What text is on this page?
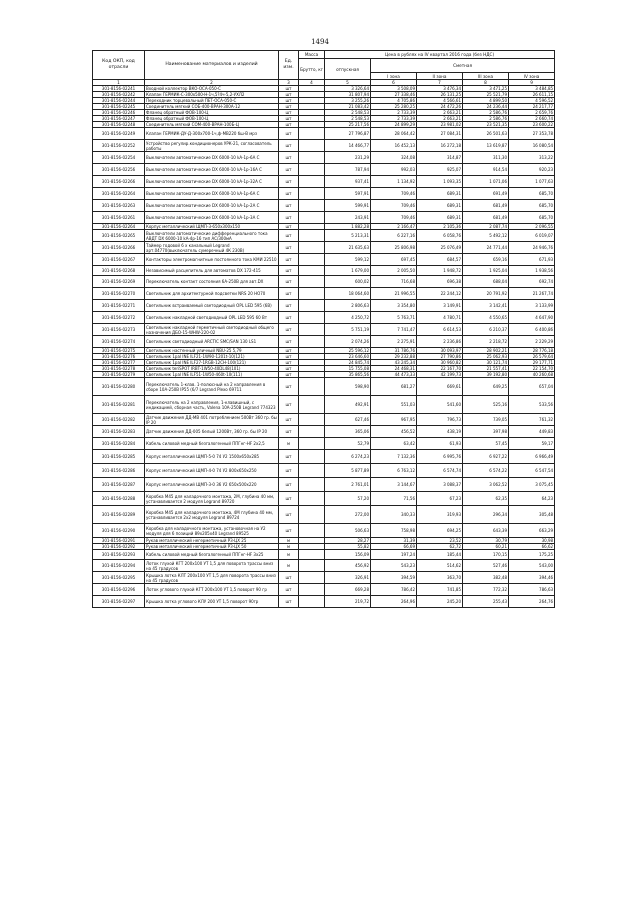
1494
Код ОКП, код отрасли	Наименование материалов и изделий	Ед. изм.	Масса	Цена в рублях на IV квартал 2016 года (без НДС)				
			Брутто, кг	отпускная	Сметная			
					I зона	II зона	III зона	IV зона
1	2	3	4	5	6	7	8	9
301-8156-02241	Входной коллектор ВКО-ОСА-050-С	шт		3 326,64	3 508,09	3 476,34	3 471,25	3 484,85
301-8156-02242	Клапан ГЕРМИК-С-300х500-Н-1ч,5?4ч-5,2-УХЛ2	шт		31 807,94	27 338,46	26 131,25	25 521,79	26 611,15
301-8156-02244	Переходник торцевальный ПЕТ-ОСА-050-С	шт		3 255,26	4 705,86	4 566,61	4 899,50	4 596,52
301-8156-02245	Соединитель мягкий СОБ-400-ВРАН-300А-12	шт		21 083,42	25 280,25	24 472,26	24 236,44	24 217,77
301-8156-02246	Фланец обратный ФОВ-100-Ц	шт		2 548,53	2 733,39	2 663,21	2 586,76	2 659,76
301-8156-02247	Фланец обратный ФОВ-100-Ц	шт		2 548,53	2 733,39	2 663,21	2 586,76	2 660,74
301-8156-02248	Соединитель мягкий СОМ-400-ВРАН-100Б-Ц	шт		25 217,56	24 899,29	23 981,02	23 521,35	23 600,22
301-8156-02249	Клапан ГЕРМИК-ДУ-Д-300х700-1ч,ф-МВ220 бш-В мрз	шт		27 796,87	28 064,42	27 084,31	26 501,63	27 353,78
301-8156-02252	Устройство регулир.кондиционеров УРК-21, согласователь работы	шт		14 466,77	16 452,13	16 272,18	13 619,87	16 080,54
301-8156-02254	Выключатели автоматические DX 6000-10 kA-1р-6А С	шт		231,29	324,08	314,87	311,30	313,22
301-8156-02256	Выключатели автоматические DX 6000-10 kA-1р-16А С	шт		787,94	992,03	925,07	914,54	920,23
301-8156-02266	Выключатели автоматические DX 6000-10 kA-1р-32А С	шт		937,41	1 134,92	1 093,35	1 071,06	1 077,63
301-8156-02264	Выключатели автоматические DX 6000-10 kA-1р-6А С	шт		597,91	709,46	689,31	691,49	685,70
301-8156-02263	Выключатели автоматические DX 6000-10 kA-1р-2А С	шт		599,91	709,46	689,31	681,49	685,70
301-8156-02261	Выключатели автоматические DX 6000-10 kA-1р-3А С	шт		243,91	709,46	689,31	681,49	685,70
301-8156-02264	Корпус металлический ЩМП-3-650х300х150	шт		1 882,28	2 166,47	2 105,36	2 087,74	2 096,55
301-8156-02265	Выключатели автоматические дифференциального тока АВДТ DX 6000-10 kA-4р-16 тип АС/300мА	шт		5 213,31	6 227,16	6 058,76	5 492,12	6 019,07
301-8156-02266	Таймер годовой 6 х канальный Legrand арт.04770(выключатель сумеречный 4К 230В)	шт		21 635,63	25 806,98	25 076,49	24 771,44	24 946,76
301-8156-02267	Контакторы электромагнитные постоянного тока КМИ 22510	шт		599,12	697,45	684,57	659,16	671,93
301-8156-02268	Независимый расцепитель для автоматов DX 172-415	шт		1 679,00	2 005,50	1 948,72	1 925,04	1 938,56
301-8156-02269	Переключатель контакт состояния 6А-250В для авт.DX	шт		600,02	716,68	696,38	688,04	692,74
301-8156-02270	Светильник для архитектурной подсветки NRS 20 НО70	шт		18 064,60	21 996,55	22 244,12	20 791,92	21 267,74
301-8156-02271	Светильник встраиваемый светодиодный OPL LED 595 (6В)	шт		2 806,63	3 354,80	3 149,91	3 142,41	3 133,99
301-8156-02272	Светильник накладной светодиодный OPL LED 595 60 Вт	шт		4 250,72	5 763,71	4 780,71	4 550,65	4 647,90
301-8156-02273	Светильник накладной герметичный светодиодный общего назначения ДБО-15-WHW-220-02	шт		5 751,19	7 741,47	6 614,53	6 210,37	6 400,86
301-8156-02274	Светильник светодиодный ARCTIC SMC/SAN 130 LS1	шт		2 074,26	2 275,91	2 236,86	2 218,72	2 229,29
301-8156-02275	Светильник настенный уличный NBU-25 5,79	шт		25 596,12	31 786,76	30 093,97	28 902,21	28 776,18
301-8156-02276	Светильник 1pal INE ILF21-1W90-1201t-10(121)	шт		23 646,60	29 232,88	27 790,86	25 062,93	26 579,64
301-8156-02277	Светильник 1pal INE ILF27-1RGB-12CH-100(121)	шт		24 845,74	43 245,34	30 960,82	30 121,74	29 177,71
301-8156-02278	Светильник teriSPOT IRBT-1W50-40DL48(101)	шт		15 755,08	24 468,31	22 167,70	21 557,41	22 154,70
301-8156-02279	Светильник 1pal INE ILF51-1W50-460t-10(111)	шт		35 865,56	44 473,33	42 199,73	39 192,80	40 260,68
301-8156-02280	Переключатель 1-клав. 1-полюсный на 2 направления в сборе 10А-250В IP55 (6/7 Legrand Plexo 69711	шт		598,90	681,27	669,61	649,25	657,04
301-8156-02281	Переключатель на 2 направления, 1-клавишный, с индикацией, сборная часть, Valena 10А-250В Legrand 774323	шт		492,91	551,03	541,60	525,16	533,56
301-8156-02282	Датчик движения ДД-МВ 401 потреблением 500Вт 360 гр. бы IP 20	шт		627,46	967,95	796,73	739,05	761,32
301-8156-02283	Датчик движения ДД-005 белый 1200Вт, 360 гр. бы IP 20	шт		365,06	456,52	438,19	397,98	449,83
301-8156-02284	Кабель силовой медный безгалогенный ППГнг-НF 2х2,5	м		52,79	63,42	61,93	57,45	59,17
301-8156-02285	Корпус металлический ЩМП-5-0 74 У2 1500х650х285	шт		6 274,23	7 132,36	6 995,76	6 927,22	6 966,49
301-8156-02286	Корпус металлический ЩМП-4-0 74 У2 800х650х250	шт		5 877,89	6 763,12	6 574,74	6 574,22	6 547,54
301-8156-02287	Корпус металлический ЩМП-3-0 36 У2 650х500х220	шт		2 761,01	3 144,67	3 088,37	3 062,52	3 075,45
301-8156-02288	Коробка М45 для наладочного монтажа, 2М, глубина 40 мм, устанавливается 2 модуля Legrand 89720	шт		57,20	71,56	67,23	62,35	64,23
301-8156-02289	Коробка М45 для наладочного монтажа, 4М глубина 40 мм, устанавливается 2х2 модуля Legrand 89724	шт		272,00	340,33	319,93	296,34	305,48
301-8156-02290	Коробка для наладочного монтажа, установочная на У2 модуля для 6 позиций 89х205х40 Legrand 89525	шт		506,63	758,98	694,25	643,39	663,29
301-8156-02291	Рукав металлический негерметичный РЗ-ЦХ 25	м		28,27	31,39	23,52	30,79	30,98
301-8156-02292	Рукав металлический негерметичный РЗ-ЦХ 50	м		55,82	66,69	62,72	60,21	66,62
301-8156-02293	Кабель силовой медный безгалогенный ППГнг-НF 3х25	м		156,09	197,24	185,44	170,15	175,25
301-8156-02294	Лоток глухой КГТ 200х100 УТ 1,5 для поворота трассы вниз на 45 градусов	м		456,92	543,23	514,62	527,46	543,00
301-8156-02295	Крышка лотка КЛТ 200х100 УТ 1,5 для поворота трассы вниз на 45 градусов	шт		326,91	394,59	363,70	382,48	394,46
301-8156-02296	Лоток углового глухой КГТ 200х100 УТ 1,5 поворот 90 гр	шт		669,28	786,42	741,85	772,32	786,63
301-8156-02297	Крышка лотка углового КЛУ 200 УТ 1,5 поворот 90гр	шт		219,72	264,96	245,20	255,43	264,76
